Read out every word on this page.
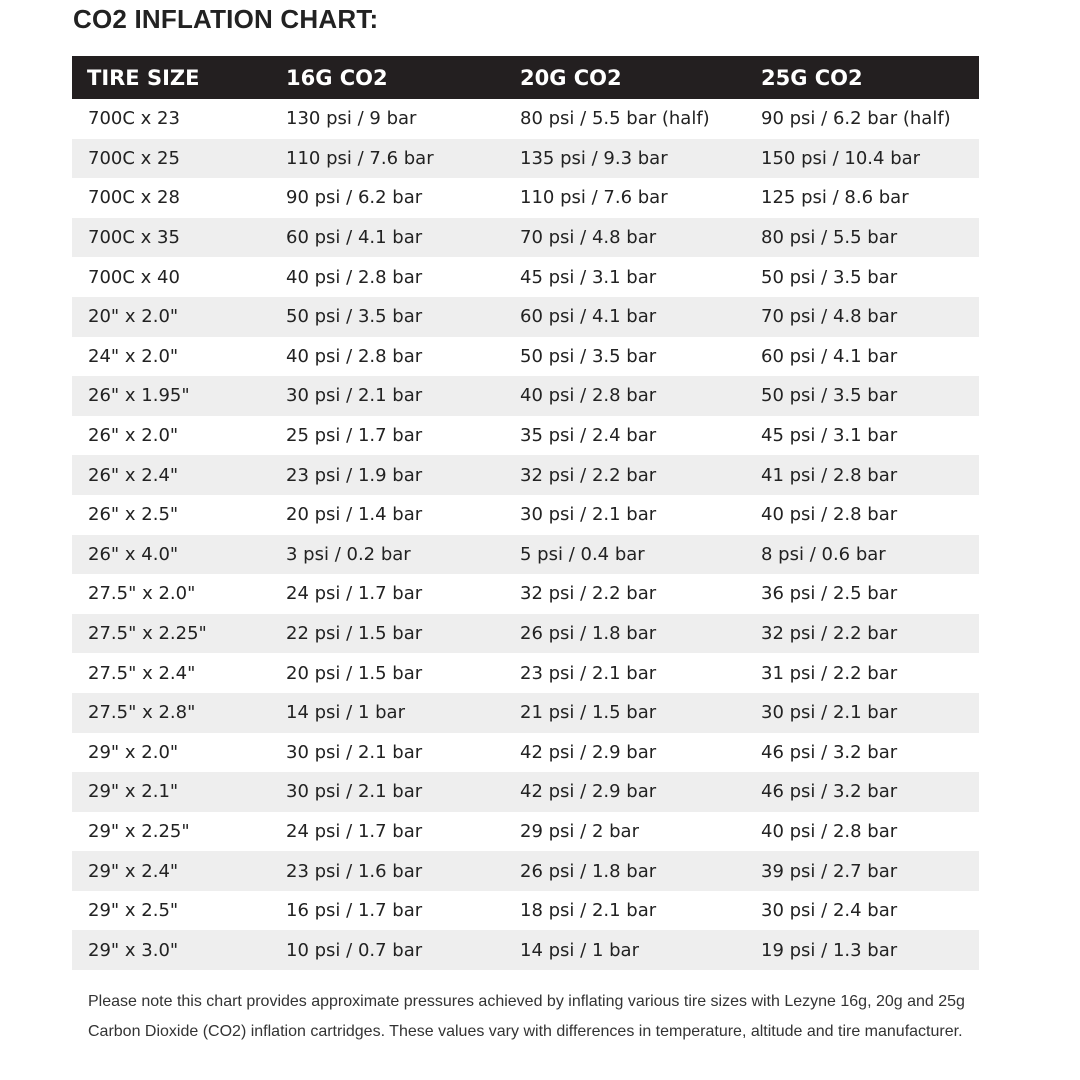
CO2 INFLATION CHART:
TIRE SIZE	16G CO2	20G CO2	25G CO2
700C x 23	130 psi / 9 bar	80 psi / 5.5 bar (half)	90 psi / 6.2 bar (half)
700C x 25	110 psi / 7.6 bar	135 psi / 9.3 bar	150 psi / 10.4 bar
700C x 28	90 psi / 6.2 bar	110 psi / 7.6 bar	125 psi / 8.6 bar
700C x 35	60 psi / 4.1 bar	70 psi / 4.8 bar	80 psi / 5.5 bar
700C x 40	40 psi / 2.8 bar	45 psi / 3.1 bar	50 psi / 3.5 bar
20" x 2.0"	50 psi / 3.5 bar	60 psi / 4.1 bar	70 psi / 4.8 bar
24" x 2.0"	40 psi / 2.8 bar	50 psi / 3.5 bar	60 psi / 4.1 bar
26" x 1.95"	30 psi / 2.1 bar	40 psi / 2.8 bar	50 psi / 3.5 bar
26" x 2.0"	25 psi / 1.7 bar	35 psi / 2.4 bar	45 psi / 3.1 bar
26" x 2.4"	23 psi / 1.9 bar	32 psi / 2.2 bar	41 psi / 2.8 bar
26" x 2.5"	20 psi / 1.4 bar	30 psi / 2.1 bar	40 psi / 2.8 bar
26" x 4.0"	3 psi / 0.2 bar	5 psi / 0.4 bar	8 psi / 0.6 bar
27.5" x 2.0"	24 psi / 1.7 bar	32 psi / 2.2 bar	36 psi / 2.5 bar
27.5" x 2.25"	22 psi / 1.5 bar	26 psi / 1.8 bar	32 psi / 2.2 bar
27.5" x 2.4"	20 psi / 1.5 bar	23 psi / 2.1 bar	31 psi / 2.2 bar
27.5" x 2.8"	14 psi / 1 bar	21 psi / 1.5 bar	30 psi / 2.1 bar
29" x 2.0"	30 psi / 2.1 bar	42 psi / 2.9 bar	46 psi / 3.2 bar
29" x 2.1"	30 psi / 2.1 bar	42 psi / 2.9 bar	46 psi / 3.2 bar
29" x 2.25"	24 psi / 1.7 bar	29 psi / 2 bar	40 psi / 2.8 bar
29" x 2.4"	23 psi / 1.6 bar	26 psi / 1.8 bar	39 psi / 2.7 bar
29" x 2.5"	16 psi / 1.7 bar	18 psi / 2.1 bar	30 psi / 2.4 bar
29" x 3.0"	10 psi / 0.7 bar	14 psi / 1 bar	19 psi / 1.3 bar

Please note this chart provides approximate pressures achieved by inflating various tire sizes with Lezyne 16g, 20g and 25g Carbon Dioxide (CO2) inflation cartridges. These values vary with differences in temperature, altitude and tire manufacturer.
